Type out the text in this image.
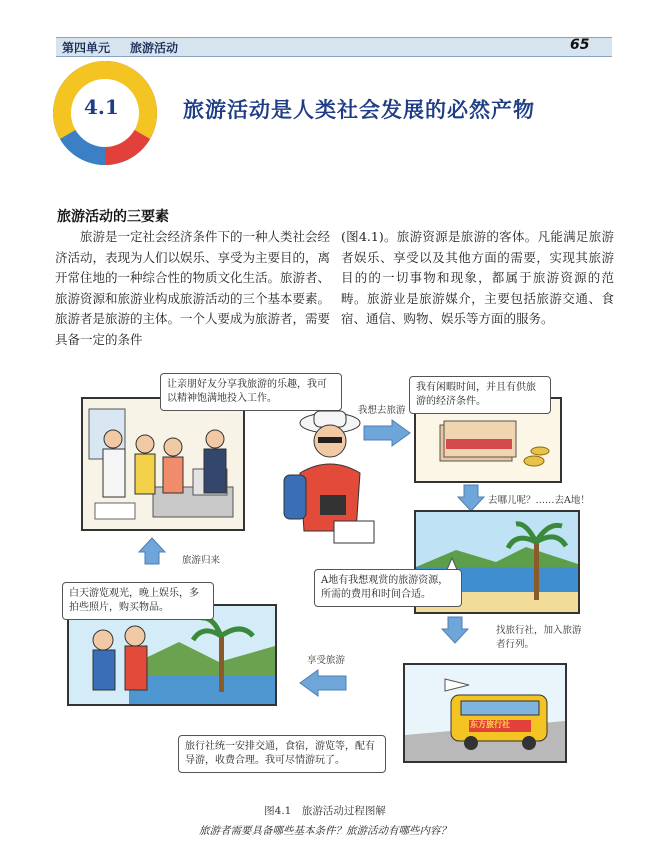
第四单元 旅游活动	65
4.1	旅游活动是人类社会发展的必然产物
旅游活动的三要素
旅游是一定社会经济条件下的一种人类社会经济活动，表现为人们以娱乐、享受为主要目的，离开常住地的一种综合性的物质文化生活。旅游者、旅游资源和旅游业构成旅游活动的三个基本要素。旅游者是旅游的主体。一个人要成为旅游者，需要具备一定的条件
(图4.1)。旅游资源是旅游的客体。凡能满足旅游者娱乐、享受以及其他方面的需要，实现其旅游目的的一切事物和现象，都属于旅游资源的范畴。旅游业是旅游媒介，主要包括旅游交通、食宿、通信、购物、娱乐等方面的服务。
让亲朋好友分享我旅游的乐趣，我可以精神饱满地投入工作。
我想去旅游
我有闲暇时间，并且有供旅游的经济条件。
去哪儿呢？……去A地！
A地有我想观赏的旅游资源，所需的费用和时间合适。
找旅行社，加入旅游者行列。
东方旅行社
旅行社统一安排交通，食宿，游览等，配有导游，收费合理。我可尽情游玩了。
享受旅游
白天游览观光，晚上娱乐，多拍些照片，购买物品。
旅游归来
图4.1　旅游活动过程图解
旅游者需要具备哪些基本条件？旅游活动有哪些内容？
